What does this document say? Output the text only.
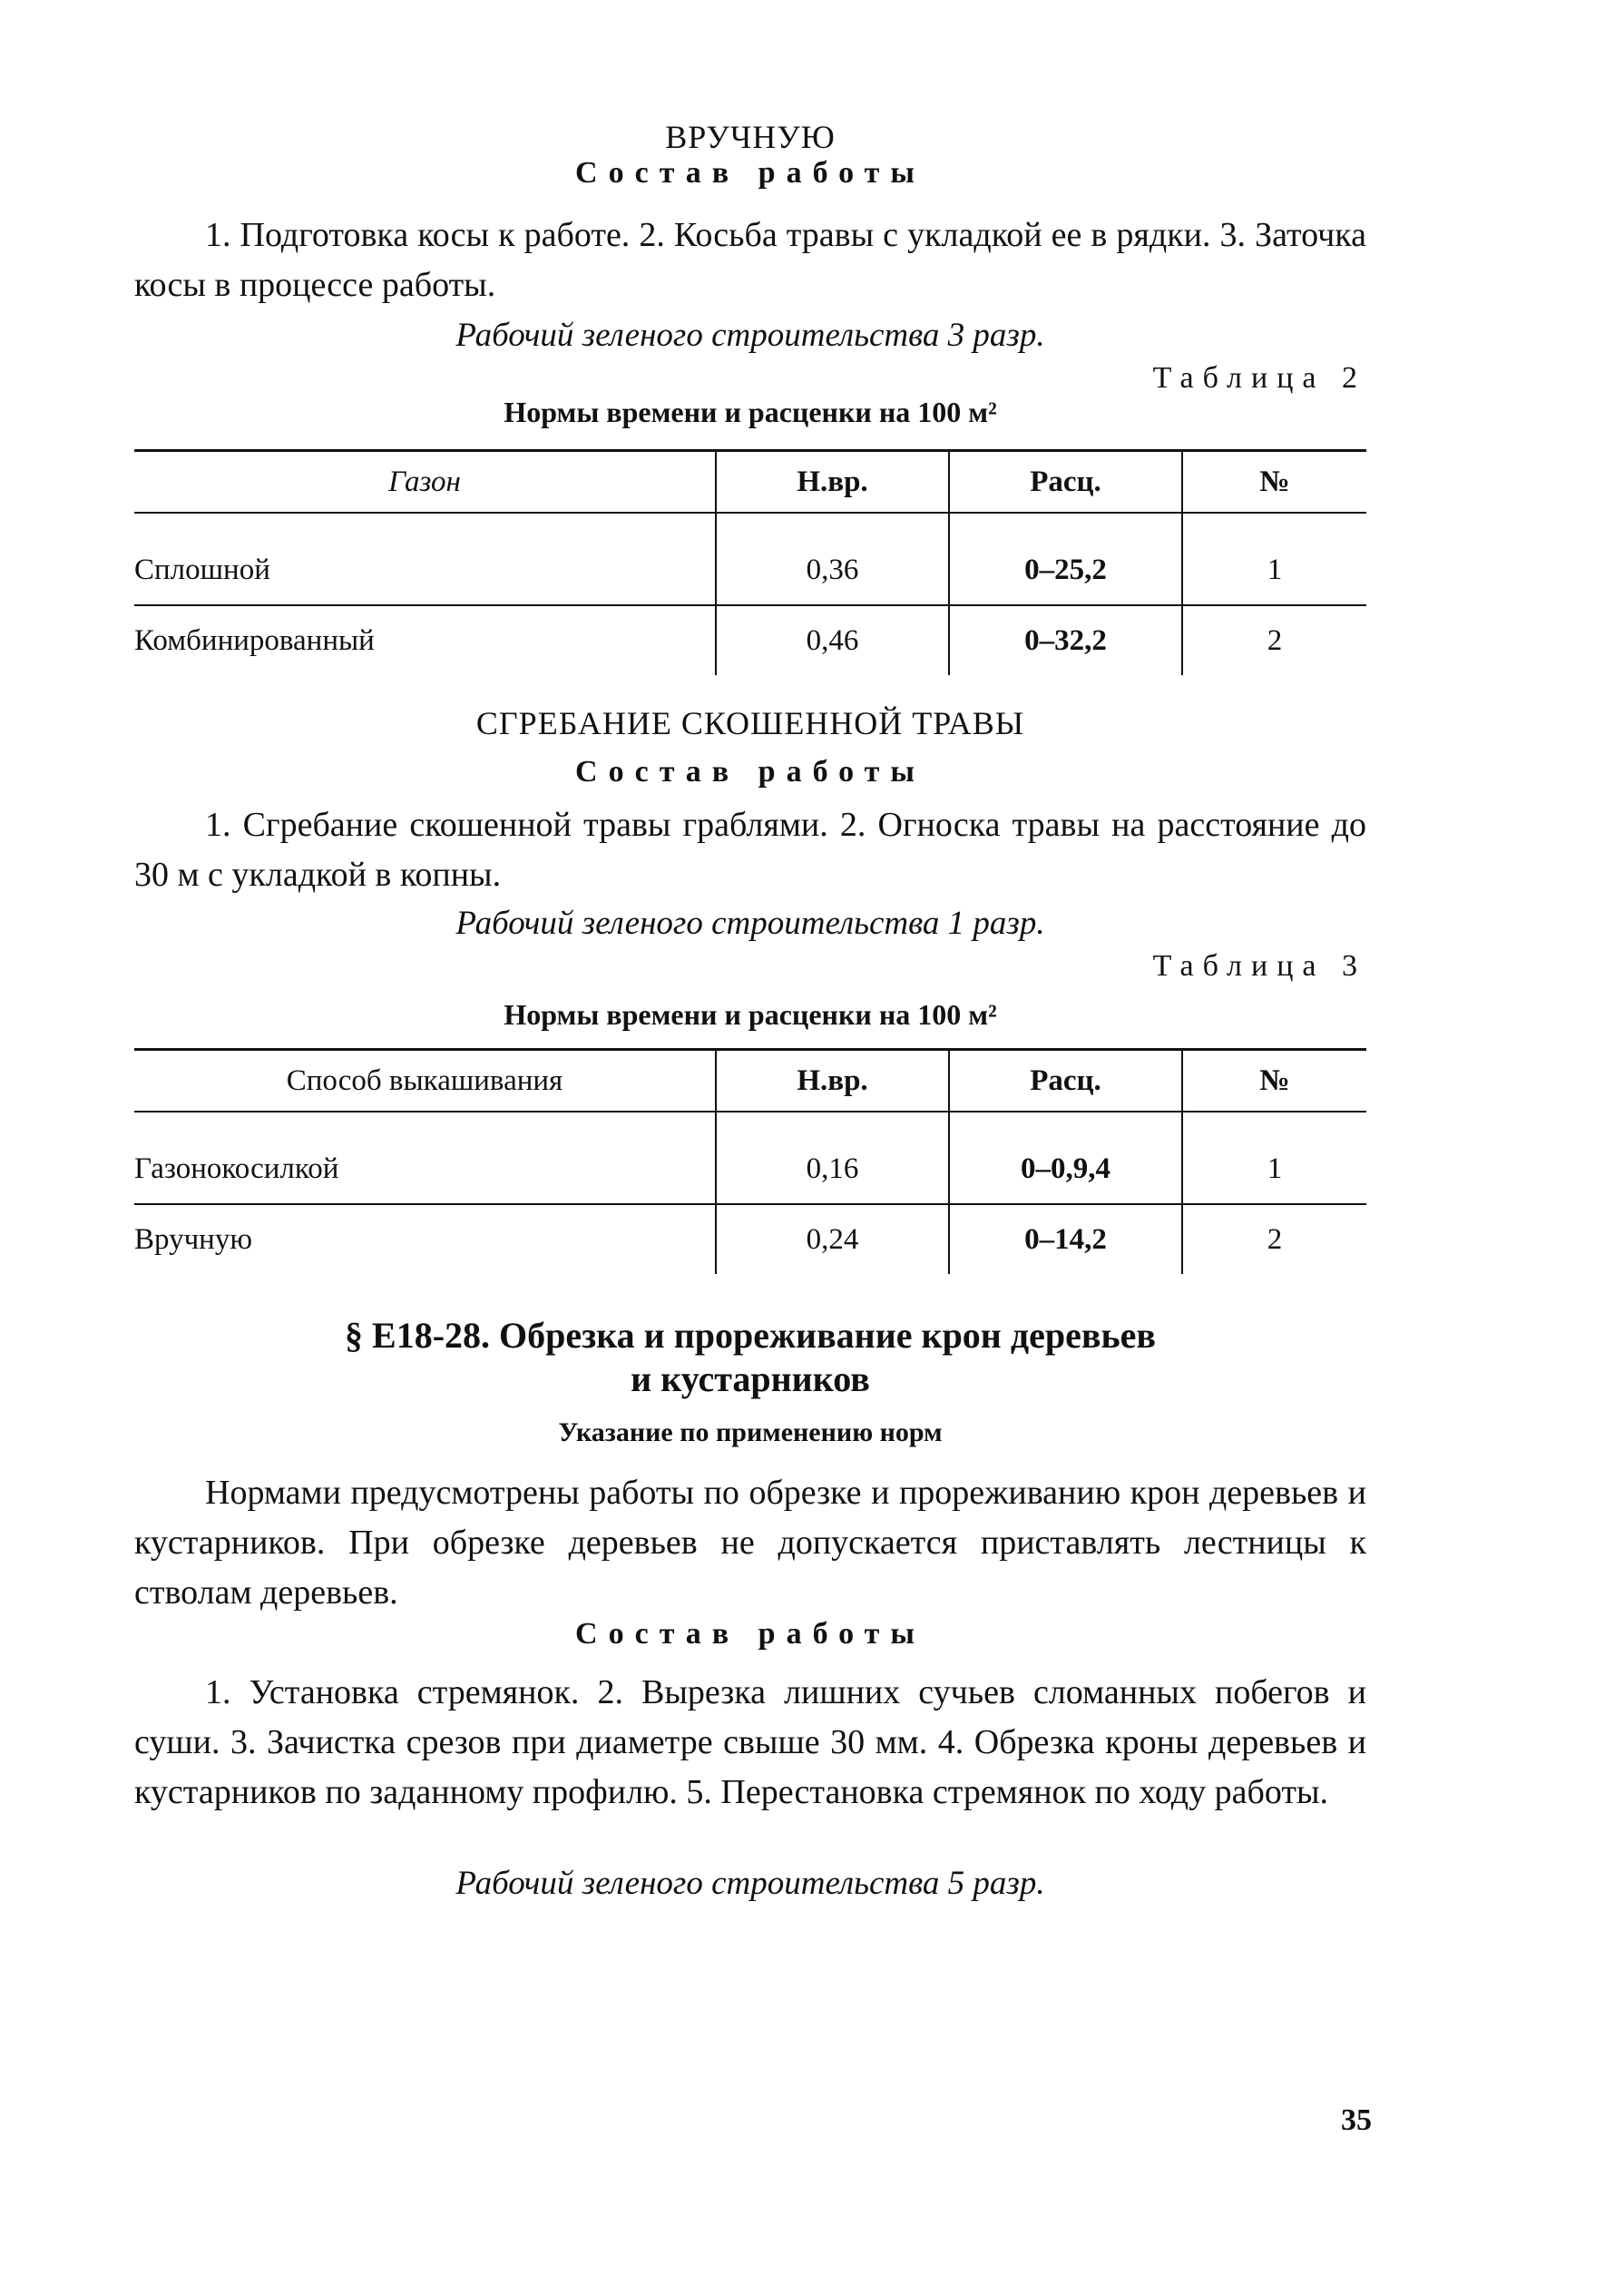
ВРУЧНУЮ
Состав работы

1. Подготовка косы к работе. 2. Косьба травы с укладкой ее в рядки. 3. Заточка косы в процессе работы.

Рабочий зеленого строительства 3 разр.
Таблица 2
Нормы времени и расценки на 100 м²
Газон	Н.вр.	Расц.	№

Сплошной	0,36	0–25,2	1
Комбинированный	0,46	0–32,2	2
СГРЕБАНИЕ СКОШЕННОЙ ТРАВЫ
Состав работы

1. Сгребание скошенной травы граблями. 2. Огноска травы на расстояние до 30 м с укладкой в копны.

Рабочий зеленого строительства 1 разр.
Таблица 3
Нормы времени и расценки на 100 м²
Способ выкашивания	Н.вр.	Расц.	№

Газонокосилкой	0,16	0–0,9,4	1
Вручную	0,24	0–14,2	2
§ Е18-28. Обрезка и прореживание крон деревьев
и кустарников
Указание по применению норм

Нормами предусмотрены работы по обрезке и прореживанию крон деревьев и кустарников. При обрезке деревьев не допускается приставлять лестницы к стволам деревьев.

Состав работы

1. Установка стремянок. 2. Вырезка лишних сучьев сломанных побегов и суши. 3. Зачистка срезов при диаметре свыше 30 мм. 4. Обрезка кроны деревьев и кустарников по заданному профилю. 5. Перестановка стремянок по ходу работы.

Рабочий зеленого строительства 5 разр.
35
